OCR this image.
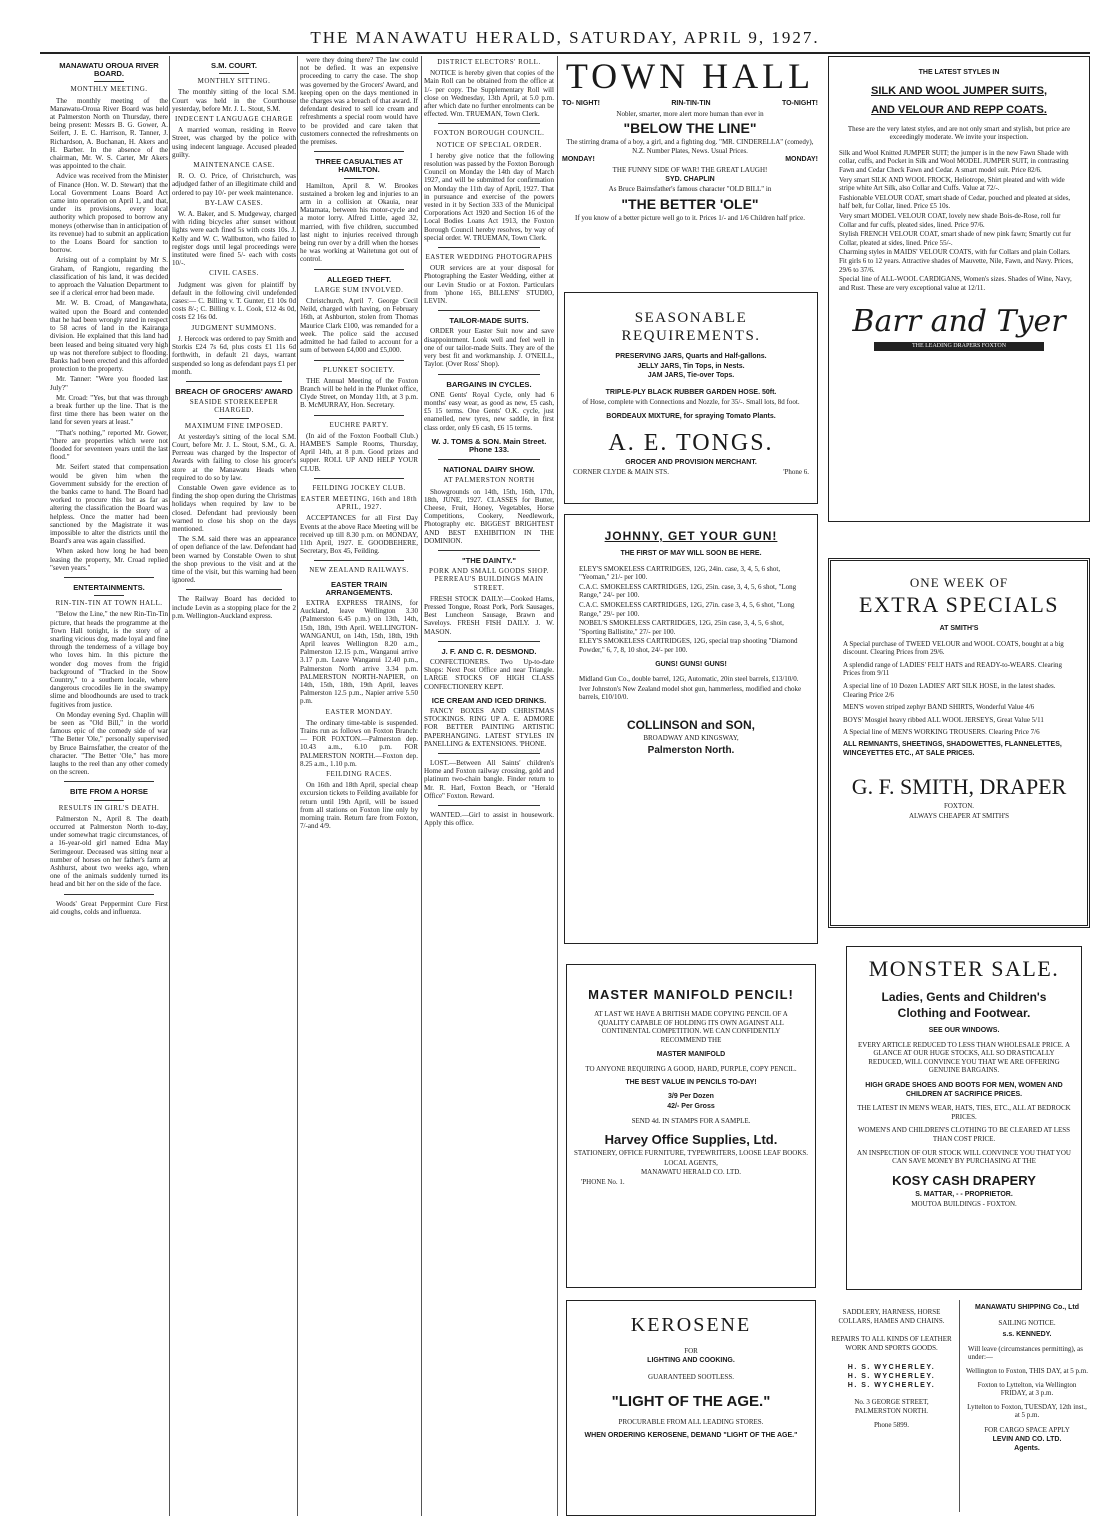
THE MANAWATU HERALD, SATURDAY, APRIL 9, 1927.
MANAWATU OROUA RIVER BOARD.
MONTHLY MEETING.

The monthly meeting of the Manawatu-Oroua River Board was held at Palmerston North on Thursday, there being present: Messrs B. G. Gower, A. Seifert, J. E. C. Harrison, R. Tanner, J. Richardson, A. Buchanan, H. Akers and H. Barber. In the absence of the chairman, Mr. W. S. Carter, Mr Akers was appointed to the chair.

Advice was received from the Minister of Finance (Hon. W. D. Stewart) that the Local Government Loans Board Act came into operation on April 1, and that, under its provisions, every local authority which proposed to borrow any moneys (otherwise than in anticipation of its revenue) had to submit an application to the Loans Board for sanction to borrow.

Arising out of a complaint by Mr S. Graham, of Rangiotu, regarding the classification of his land, it was decided to approach the Valuation Department to see if a clerical error had been made.

Mr. W. B. Croad, of Mangawhata, waited upon the Board and contended that he had been wrongly rated in respect to 58 acres of land in the Kairanga division. He explained that this land had been leased and being situated very high up was not therefore subject to flooding. Banks had been erected and this afforded protection to the property.

Mr. Tanner: "Were you flooded last July?"

Mr. Croad: "Yes, but that was through a break further up the line. That is the first time there has been water on the land for seven years at least."

"That's nothing," reported Mr. Gower, "there are properties which were not flooded for seventeen years until the last flood."

Mr. Seifert stated that compensation would be given him when the Government subsidy for the erection of the banks came to hand. The Board had worked to procure this but as far as altering the classification the Board was helpless. Once the matter had been sanctioned by the Magistrate it was impossible to alter the districts until the Board's area was again classified.

When asked how long he had been leasing the property, Mr. Croad replied "seven years."

ENTERTAINMENTS.
RIN-TIN-TIN AT TOWN HALL.

"Below the Line," the new Rin-Tin-Tin picture, that heads the programme at the Town Hall tonight, is the story of a snarling vicious dog, made loyal and fine through the tenderness of a village boy who loves him. In this picture the wonder dog moves from the frigid background of "Tracked in the Snow Country," to a southern locale, where dangerous crocodiles lie in the swampy slime and bloodhounds are used to track fugitives from justice.

On Monday evening Syd. Chaplin will be seen as "Old Bill," in the world famous epic of the comedy side of war "The Better 'Ole," personally supervised by Bruce Bairnsfather, the creator of the character. "The Better 'Ole," has more laughs to the reel than any other comedy on the screen.

BITE FROM A HORSE
RESULTS IN GIRL'S DEATH.

Palmerston N., April 8. The death occurred at Palmerston North to-day, under somewhat tragic circumstances, of a 16-year-old girl named Edna May Serimgeour. Deceased was sitting near a number of horses on her father's farm at Ashhurst, about two weeks ago, when one of the animals suddenly turned its head and bit her on the side of the face.

Woods' Great Peppermint Cure First aid coughs, colds and influenza.

S.M. COURT.
MONTHLY SITTING.

The monthly sitting of the local S.M. Court was held in the Courthouse yesterday, before Mr. J. L. Stout, S.M.

INDECENT LANGUAGE CHARGE

A married woman, residing in Reeve Street, was charged by the police with using indecent language. Accused pleaded guilty.

MAINTENANCE CASE.

R. O. O. Price, of Christchurch, was adjudged father of an illegitimate child and ordered to pay 10/- per week maintenance.

BY-LAW CASES.

W. A. Baker, and S. Mudgeway, charged with riding bicycles after sunset without lights were each fined 5s with costs 10s. J. Kelly and W. C. Wallbutton, who failed to register dogs until legal proceedings were instituted were fined 5/- each with costs 10/-.

CIVIL CASES.

Judgment was given for plaintiff by default in the following civil undefended cases:— C. Billing v. T. Gunter, £1 10s 0d costs 8/-; C. Billing v. L. Cook, £12 4s 0d, costs £2 16s 0d.

JUDGMENT SUMMONS.

J. Hercock was ordered to pay Smith and Storkis £24 7s 6d, plus costs £1 11s 6d forthwith, in default 21 days, warrant suspended so long as defendant pays £1 per month.

BREACH OF GROCERS' AWARD
SEASIDE STOREKEEPER CHARGED.
MAXIMUM FINE IMPOSED.

At yesterday's sitting of the local S.M. Court, before Mr. J. L. Stout, S.M., G. A. Perreau was charged by the Inspector of Awards with failing to close his grocer's store at the Manawatu Heads when required to do so by law.

Constable Owen gave evidence as to finding the shop open during the Christmas holidays when required by law to be closed. Defendant had previously been warned to close his shop on the days mentioned.

The S.M. said there was an appearance of open defiance of the law. Defendant had been warned by Constable Owen to shut the shop previous to the visit and at the time of the visit, but this warning had been ignored.

The Railway Board has decided to include Levin as a stopping place for the 2 p.m. Wellington-Auckland express.

were they doing there? The law could not be defied. It was an expensive proceeding to carry the case. The shop was governed by the Grocers' Award, and keeping open on the days mentioned in the charges was a breach of that award. If defendant desired to sell ice cream and refreshments a special room would have to be provided and care taken that customers connected the refreshments on the premises.

THREE CASUALTIES AT HAMILTON.

Hamilton, April 8. W. Brookes sustained a broken leg and injuries to an arm in a collision at Okauia, near Matamata, between his motor-cycle and a motor lorry. Alfred Little, aged 32, married, with five children, succumbed last night to injuries received through being run over by a drill when the horses he was working at Waitetuna got out of control.

ALLEGED THEFT.
LARGE SUM INVOLVED.

Christchurch, April 7. George Cecil Neild, charged with having, on February 16th, at Ashburton, stolen from Thomas Maurice Clark £100, was remanded for a week. The police said the accused admitted he had failed to account for a sum of between £4,000 and £5,000.

PLUNKET SOCIETY.

THE Annual Meeting of the Foxton Branch will be held in the Plunket office, Clyde Street, on Monday 11th, at 3 p.m. B. McMURRAY, Hon. Secretary.

EUCHRE PARTY.

(In aid of the Foxton Football Club.) HAMBE'S Sample Rooms, Thursday, April 14th, at 8 p.m. Good prizes and supper. ROLL UP AND HELP YOUR CLUB.

FEILDING JOCKEY CLUB.
EASTER MEETING, 16th and 18th APRIL, 1927.

ACCEPTANCES for all First Day Events at the above Race Meeting will be received up till 8.30 p.m. on MONDAY, 11th April, 1927. E. GOODBEHERE, Secretary, Box 45, Feilding.

NEW ZEALAND RAILWAYS.
EASTER TRAIN ARRANGEMENTS.

EXTRA EXPRESS TRAINS, for Auckland, leave Wellington 3.30 (Palmerston 6.45 p.m.) on 13th, 14th, 15th, 18th, 19th April. WELLINGTON-WANGANUI, on 14th, 15th, 18th, 19th April leaves Wellington 8.20 a.m., Palmerston 12.15 p.m., Wanganui arrive 3.17 p.m. Leave Wanganui 12.40 p.m., Palmerston North arrive 3.34 p.m. PALMERSTON NORTH-NAPIER, on 14th, 15th, 18th, 19th April, leaves Palmerston 12.5 p.m., Napier arrive 5.50 p.m.

EASTER MONDAY.

The ordinary time-table is suspended. Trains run as follows on Foxton Branch:— FOR FOXTON.—Palmerston dep. 10.43 a.m., 6.10 p.m. FOR PALMERSTON NORTH.—Foxton dep. 8.25 a.m., 1.10 p.m.

FEILDING RACES.

On 16th and 18th April, special cheap excursion tickets to Feilding available for return until 19th April, will be issued from all stations on Foxton line only by morning train. Return fare from Foxton, 7/-and 4/9.

DISTRICT ELECTORS' ROLL.

NOTICE is hereby given that copies of the Main Roll can be obtained from the office at 1/- per copy. The Supplementary Roll will close on Wednesday, 13th April, at 5.0 p.m. after which date no further enrolments can be effected. Wm. TRUEMAN, Town Clerk.

FOXTON BOROUGH COUNCIL.
NOTICE OF SPECIAL ORDER.

I hereby give notice that the following resolution was passed by the Foxton Borough Council on Monday the 14th day of March 1927, and will be submitted for confirmation on Monday the 11th day of April, 1927. That in pursuance and exercise of the powers vested in it by Section 333 of the Municipal Corporations Act 1920 and Section 16 of the Local Bodies Loans Act 1913, the Foxton Borough Council hereby resolves, by way of special order. W. TRUEMAN, Town Clerk.

EASTER WEDDING PHOTOGRAPHS

OUR services are at your disposal for Photographing the Easter Wedding, either at our Levin Studio or at Foxton. Particulars from 'phone 165, BILLENS' STUDIO, LEVIN.

TAILOR-MADE SUITS.

ORDER your Easter Suit now and save disappointment. Look well and feel well in one of our tailor-made Suits. They are of the very best fit and workmanship. J. O'NEILL, Taylor. (Over Ross' Shop).

BARGAINS IN CYCLES.

ONE Gents' Royal Cycle, only had 6 months' easy wear, as good as new, £5 cash, £5 15 terms. One Gents' O.K. cycle, just enamelled, new tyres, new saddle, in first class order, only £6 cash, £6 15 terms.

W. J. TOMS & SON. Main Street. Phone 133.
NATIONAL DAIRY SHOW.
AT PALMERSTON NORTH

Showgrounds on 14th, 15th, 16th, 17th, 18th, JUNE, 1927. CLASSES for Butter, Cheese, Fruit, Honey, Vegetables, Horse Competitions, Cookery, Needlework, Photography etc. BIGGEST BRIGHTEST AND BEST EXHIBITION IN THE DOMINION.

"THE DAINTY."
PORK AND SMALL GOODS SHOP. PERREAU'S BUILDINGS MAIN STREET.

FRESH STOCK DAILY:—Cooked Hams, Pressed Tongue, Roast Pork, Pork Sausages, Best Luncheon Sausage, Brawn and Saveloys. FRESH FISH DAILY. J. W. MASON.

J. F. AND C. R. DESMOND.

CONFECTIONERS. Two Up-to-date Shops: Next Post Office and near Triangle. LARGE STOCKS OF HIGH CLASS CONFECTIONERY KEPT.

ICE CREAM AND ICED DRINKS.

FANCY BOXES AND CHRISTMAS STOCKINGS. RING UP A. E. ADMORE FOR BETTER PAINTING ARTISTIC PAPERHANGING. LATEST STYLES IN PANELLING & EXTENSIONS. 'PHONE.

LOST.—Between All Saints' children's Home and Foxton railway crossing, gold and platinum two-chain bangle. Finder return to Mr. R. Harl, Foxton Beach, or "Herald Office" Foxton. Reward.

WANTED.—Girl to assist in housework. Apply this office.

TOWN HALL
TO- NIGHT!	RIN-TIN-TIN	TO-NIGHT!
Nobler, smarter, more alert more human than ever in
"BELOW THE LINE"
The stirring drama of a boy, a girl, and a fighting dog. "MR. CINDERELLA" (comedy), N.Z. Number Plates, News. Usual Prices.
MONDAY!	MONDAY!
THE FUNNY SIDE OF WAR! THE GREAT LAUGH!
SYD. CHAPLIN
As Bruce Bairnsfather's famous character "OLD BILL" in
"THE BETTER 'OLE"
If you know of a better picture well go to it. Prices 1/- and 1/6 Children half price.
SEASONABLE REQUIREMENTS.
PRESERVING JARS, Quarts and Half-gallons.
JELLY JARS, Tin Tops, in Nests.
JAM JARS, Tie-over Tops.
TRIPLE-PLY BLACK RUBBER GARDEN HOSE. 50ft.
of Hose, complete with Connections and Nozzle, for 35/-. Small lots, 8d foot.
BORDEAUX MIXTURE, for spraying Tomato Plants.
A. E. TONGS.
GROCER AND PROVISION MERCHANT.
CORNER CLYDE & MAIN STS.	'Phone 6.
JOHNNY, GET YOUR GUN!
THE FIRST OF MAY WILL SOON BE HERE.
ELEY'S SMOKELESS CARTRIDGES, 12G, 24in. case, 3, 4, 5, 6 shot, "Yeoman," 21/- per 100.
C.A.C. SMOKELESS CARTRIDGES, 12G, 25in. case, 3, 4, 5, 6 shot, "Long Range," 24/- per 100.
C.A.C. SMOKELESS CARTRIDGES, 12G, 27in. case 3, 4, 5, 6 shot, "Long Range," 29/- per 100.
NOBEL'S SMOKELESS CARTRIDGES, 12G, 25in case, 3, 4, 5, 6 shot, "Sporting Ballistite," 27/- per 100.
ELEY'S SMOKELESS CARTRIDGES, 12G, special trap shooting "Diamond Powder," 6, 7, 8, 10 shot, 24/- per 100.
GUNS! GUNS! GUNS!
Midland Gun Co., double barrel, 12G, Automatic, 20in steel barrels, £13/10/0.
Iver Johnston's New Zealand model shot gun, hammerless, modified and choke barrels, £10/10/0.
COLLINSON and SON,
BROADWAY AND KINGSWAY,
Palmerston North.
MASTER MANIFOLD PENCIL!
AT LAST WE HAVE A BRITISH MADE COPYING PENCIL OF A QUALITY CAPABLE OF HOLDING ITS OWN AGAINST ALL CONTINENTAL COMPETITION. WE CAN CONFIDENTLY RECOMMEND THE
MASTER MANIFOLD
TO ANYONE REQUIRING A GOOD, HARD, PURPLE, COPY PENCIL.
THE BEST VALUE IN PENCILS TO-DAY!
3/9 Per Dozen
42/- Per Gross
SEND 4d. IN STAMPS FOR A SAMPLE.
Harvey Office Supplies, Ltd.
STATIONERY, OFFICE FURNITURE, TYPEWRITERS, LOOSE LEAF BOOKS.
LOCAL AGENTS,
MANAWATU HERALD CO. LTD.
'PHONE No. 1.
KEROSENE
FOR
LIGHTING AND COOKING.
GUARANTEED SOOTLESS.
"LIGHT OF THE AGE."
PROCURABLE FROM ALL LEADING STORES.
WHEN ORDERING KEROSENE, DEMAND "LIGHT OF THE AGE."
THE LATEST STYLES IN
SILK AND WOOL JUMPER SUITS,
AND VELOUR AND REPP COATS.
These are the very latest styles, and are not only smart and stylish, but price are exceedingly moderate. We invite your inspection.
Silk and Wool Knitted JUMPER SUIT; the jumper is in the new Fawn Shade with collar, cuffs, and Pocket in Silk and Wool MODEL JUMPER SUIT, in contrasting Fawn and Cedar Check Fawn and Cedar. A smart model suit. Price 82/6.
Very smart SILK AND WOOL FROCK, Heliotrope, Shirt pleated and with wide stripe white Art Silk, also Collar and Cuffs. Value at 72/-.
Fashionable VELOUR COAT, smart shade of Cedar, pouched and pleated at sides, half belt, fur Collar, lined. Price £5 10s.
Very smart MODEL VELOUR COAT, lovely new shade Bois-de-Rose, roll fur Collar and fur cuffs, pleated sides, lined. Price 97/6.
Stylish FRENCH VELOUR COAT, smart shade of new pink fawn; Smartly cut fur Collar, pleated at sides, lined. Price 55/-.
Charming styles in MAIDS' VELOUR COATS, with fur Collars and plain Collars. Fit girls 6 to 12 years. Attractive shades of Mauvette, Nile, Fawn, and Navy. Prices, 29/6 to 37/6.
Special line of ALL-WOOL CARDIGANS, Women's sizes. Shades of Wine, Navy, and Rust. These are very exceptional value at 12/11.
Barr and Tyer
THE LEADING DRAPERS FOXTON
ONE WEEK OF
EXTRA SPECIALS
AT SMITH'S
A Special purchase of TWEED VELOUR and WOOL COATS, bought at a big discount. Clearing Prices from 29/6.
A splendid range of LADIES' FELT HATS and READY-to-WEARS. Clearing Prices from 9/11
A special line of 10 Dozen LADIES' ART SILK HOSE, in the latest shades. Clearing Price 2/6
MEN'S woven striped zephyr BAND SHIRTS, Wonderful Value 4/6
BOYS' Mosgiel heavy ribbed ALL WOOL JERSEYS, Great Value 5/11
A Special line of MEN'S WORKING TROUSERS. Clearing Price 7/6
ALL REMNANTS, SHEETINGS, SHADOWETTES, FLANNELETTES, WINCEYETTES ETC., AT SALE PRICES.
G. F. SMITH, DRAPER
FOXTON.
ALWAYS CHEAPER AT SMITH'S
MONSTER SALE.
Ladies, Gents and Children's
Clothing and Footwear.
SEE OUR WINDOWS.
EVERY ARTICLE REDUCED TO LESS THAN WHOLESALE PRICE. A GLANCE AT OUR HUGE STOCKS, ALL SO DRASTICALLY REDUCED, WILL CONVINCE YOU THAT WE ARE OFFERING GENUINE BARGAINS.
HIGH GRADE SHOES AND BOOTS FOR MEN, WOMEN AND CHILDREN AT SACRIFICE PRICES.
THE LATEST IN MEN'S WEAR, HATS, TIES, ETC., ALL AT BEDROCK PRICES.
WOMEN'S AND CHILDREN'S CLOTHING TO BE CLEARED AT LESS THAN COST PRICE.
AN INSPECTION OF OUR STOCK WILL CONVINCE YOU THAT YOU CAN SAVE MONEY BY PURCHASING AT THE
KOSY CASH DRAPERY
S. MATTAR, - - PROPRIETOR.
MOUTOA BUILDINGS - FOXTON.
SADDLERY, HARNESS, HORSE COLLARS, HAMES AND CHAINS.
REPAIRS TO ALL KINDS OF LEATHER WORK AND SPORTS GOODS.
H. S. WYCHERLEY.
H. S. WYCHERLEY.
H. S. WYCHERLEY.
No. 3 GEORGE STREET, PALMERSTON NORTH.
Phone 5899.
MANAWATU SHIPPING Co., Ltd
SAILING NOTICE.
s.s. KENNEDY.
Will leave (circumstances permitting), as under:—
Wellington to Foxton, THIS DAY, at 5 p.m.
Foxton to Lyttelton, via Wellington FRIDAY, at 3 p.m.
Lyttelton to Foxton, TUESDAY, 12th inst., at 5 p.m.
FOR CARGO SPACE APPLY
LEVIN AND CO. LTD.
Agents.
